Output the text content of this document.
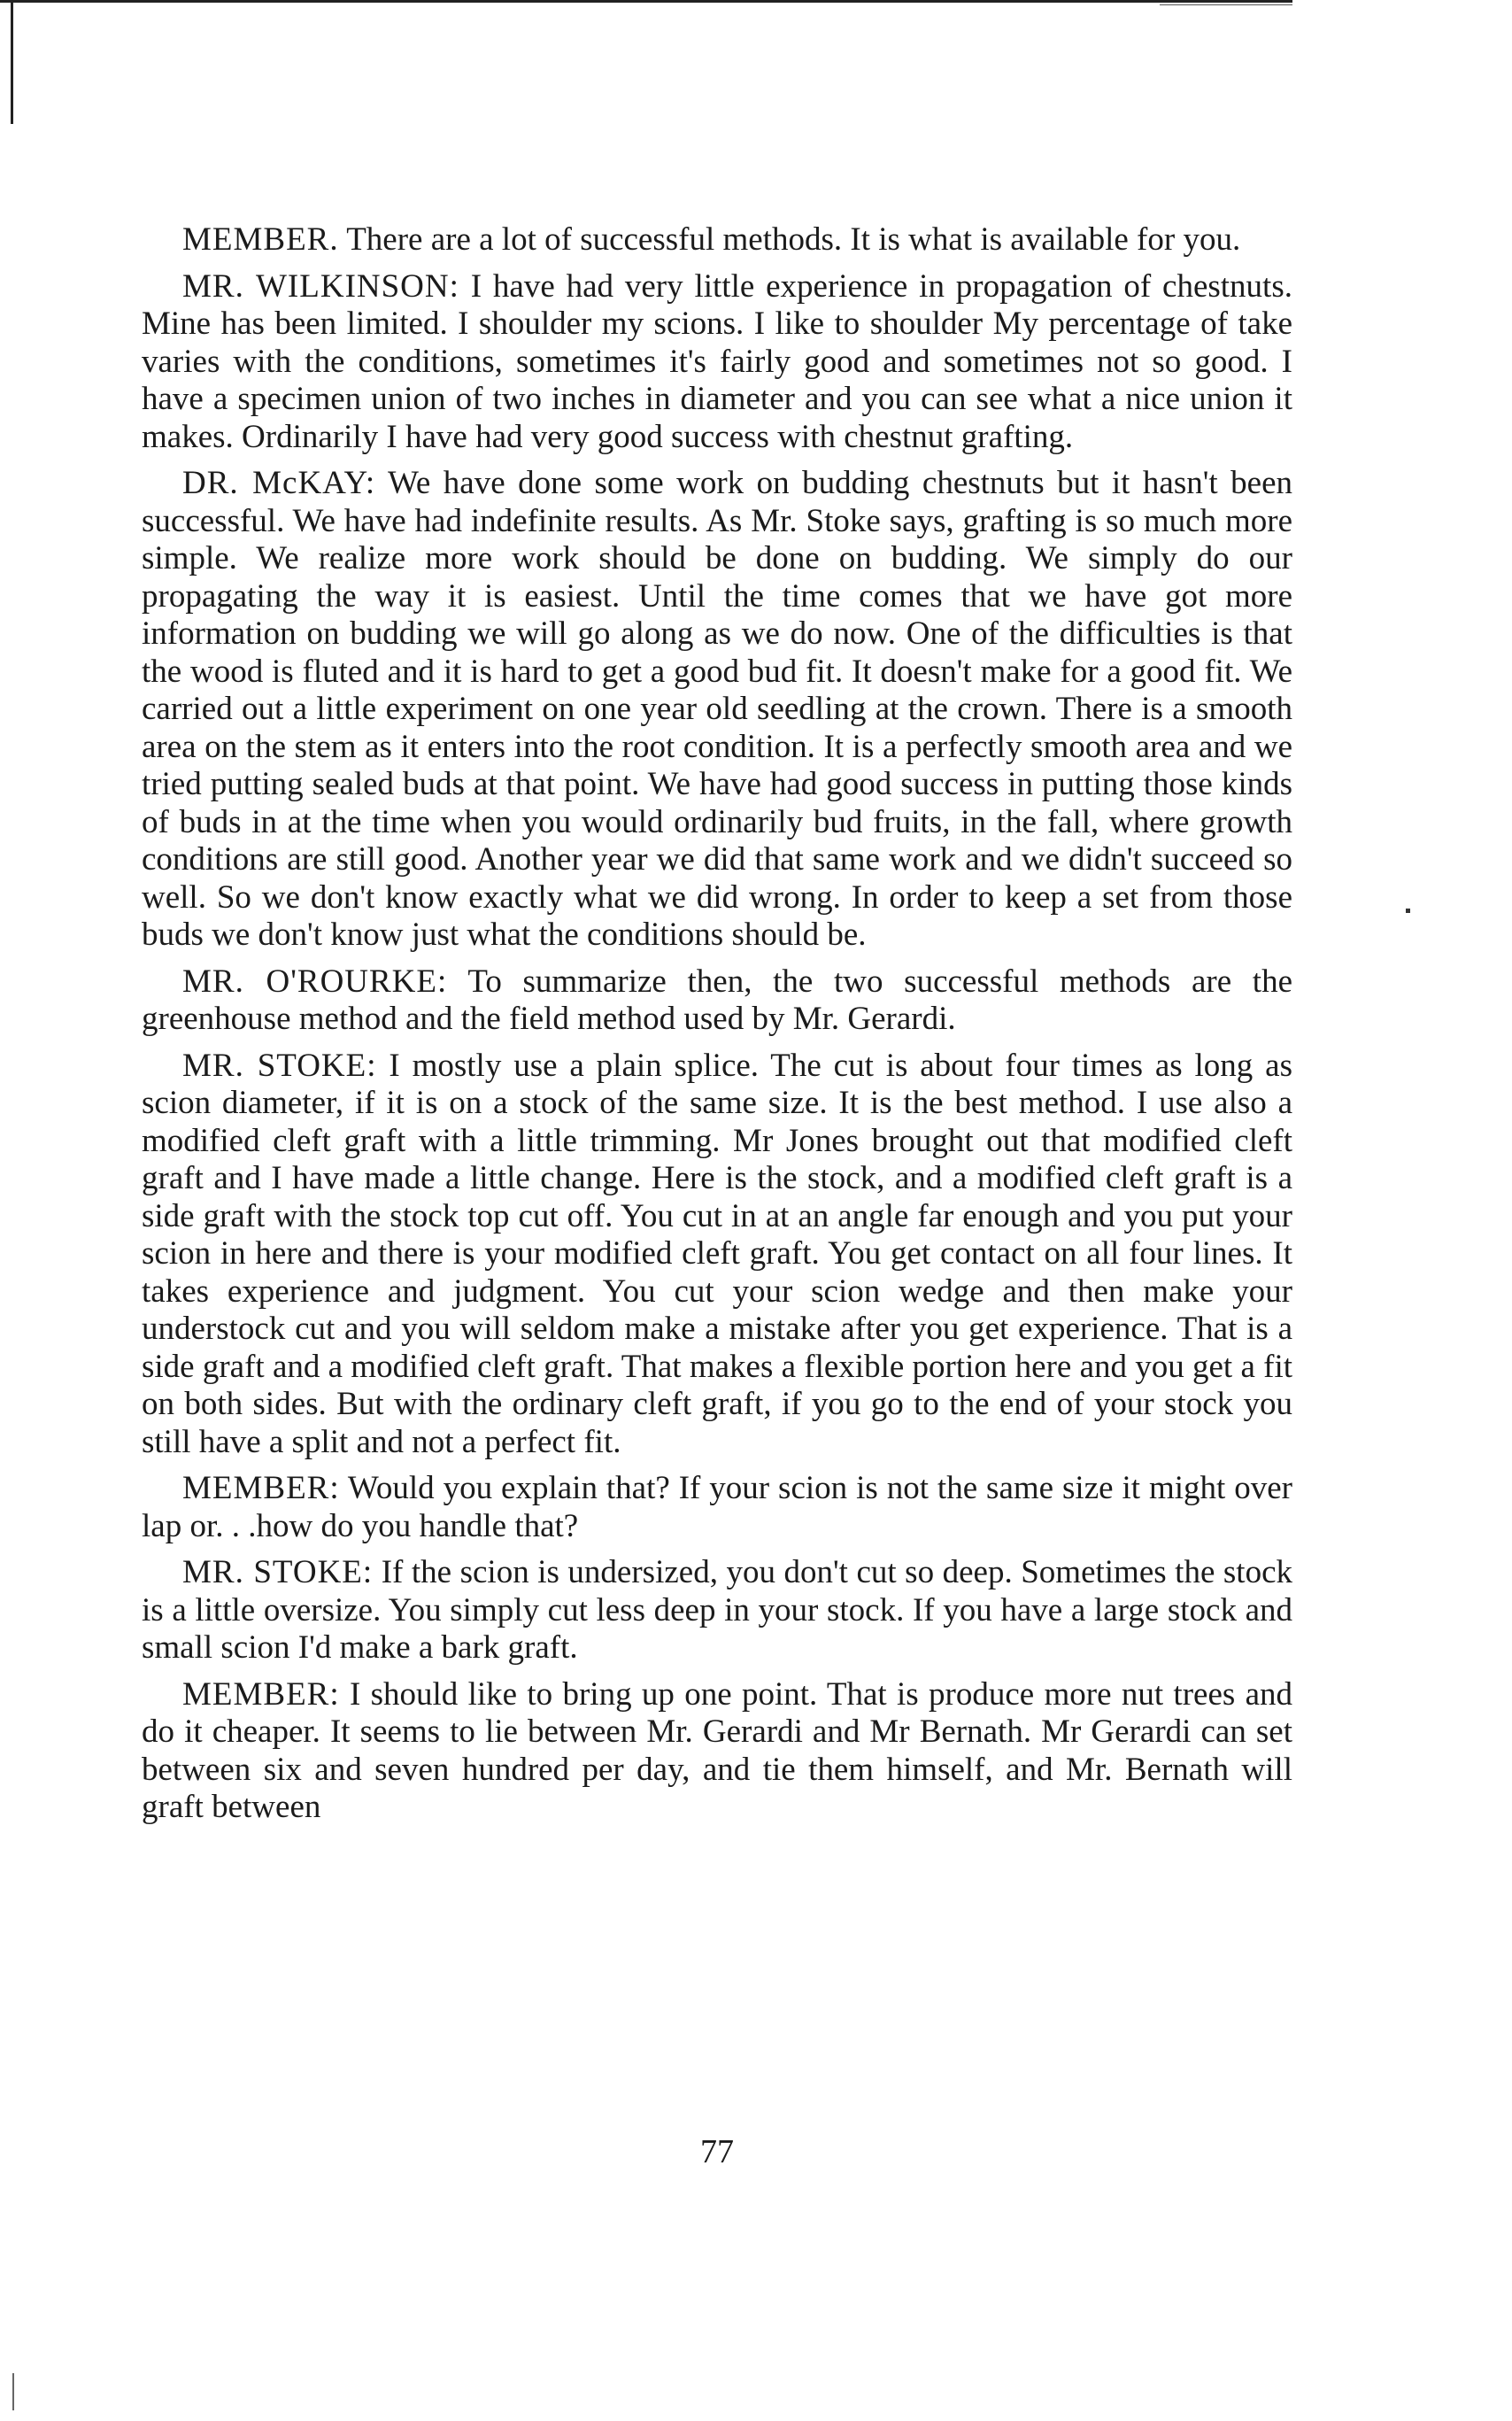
MEMBER. There are a lot of successful methods. It is what is available for you.

MR. WILKINSON: I have had very little experience in propagation of chestnuts. Mine has been limited. I shoulder my scions. I like to shoulder My percentage of take varies with the conditions, sometimes it's fairly good and sometimes not so good. I have a specimen union of two inches in diameter and you can see what a nice union it makes. Ordinarily I have had very good success with chestnut grafting.

DR. McKAY: We have done some work on budding chestnuts but it hasn't been successful. We have had indefinite results. As Mr. Stoke says, grafting is so much more simple. We realize more work should be done on budding. We simply do our propagating the way it is easiest. Until the time comes that we have got more information on budding we will go along as we do now. One of the difficulties is that the wood is fluted and it is hard to get a good bud fit. It doesn't make for a good fit. We carried out a little experiment on one year old seedling at the crown. There is a smooth area on the stem as it enters into the root condition. It is a perfectly smooth area and we tried putting sealed buds at that point. We have had good success in putting those kinds of buds in at the time when you would ordinarily bud fruits, in the fall, where growth conditions are still good. Another year we did that same work and we didn't succeed so well. So we don't know exactly what we did wrong. In order to keep a set from those buds we don't know just what the conditions should be.

MR. O'ROURKE: To summarize then, the two successful methods are the greenhouse method and the field method used by Mr. Gerardi.

MR. STOKE: I mostly use a plain splice. The cut is about four times as long as scion diameter, if it is on a stock of the same size. It is the best method. I use also a modified cleft graft with a little trimming. Mr Jones brought out that modified cleft graft and I have made a little change. Here is the stock, and a modified cleft graft is a side graft with the stock top cut off. You cut in at an angle far enough and you put your scion in here and there is your modified cleft graft. You get contact on all four lines. It takes experience and judgment. You cut your scion wedge and then make your understock cut and you will seldom make a mistake after you get experience. That is a side graft and a modified cleft graft. That makes a flexible portion here and you get a fit on both sides. But with the ordinary cleft graft, if you go to the end of your stock you still have a split and not a perfect fit.

MEMBER: Would you explain that? If your scion is not the same size it might over lap or. . .how do you handle that?

MR. STOKE: If the scion is undersized, you don't cut so deep. Sometimes the stock is a little oversize. You simply cut less deep in your stock. If you have a large stock and small scion I'd make a bark graft.

MEMBER: I should like to bring up one point. That is produce more nut trees and do it cheaper. It seems to lie between Mr. Gerardi and Mr Bernath. Mr Gerardi can set between six and seven hundred per day, and tie them himself, and Mr. Bernath will graft between

77
